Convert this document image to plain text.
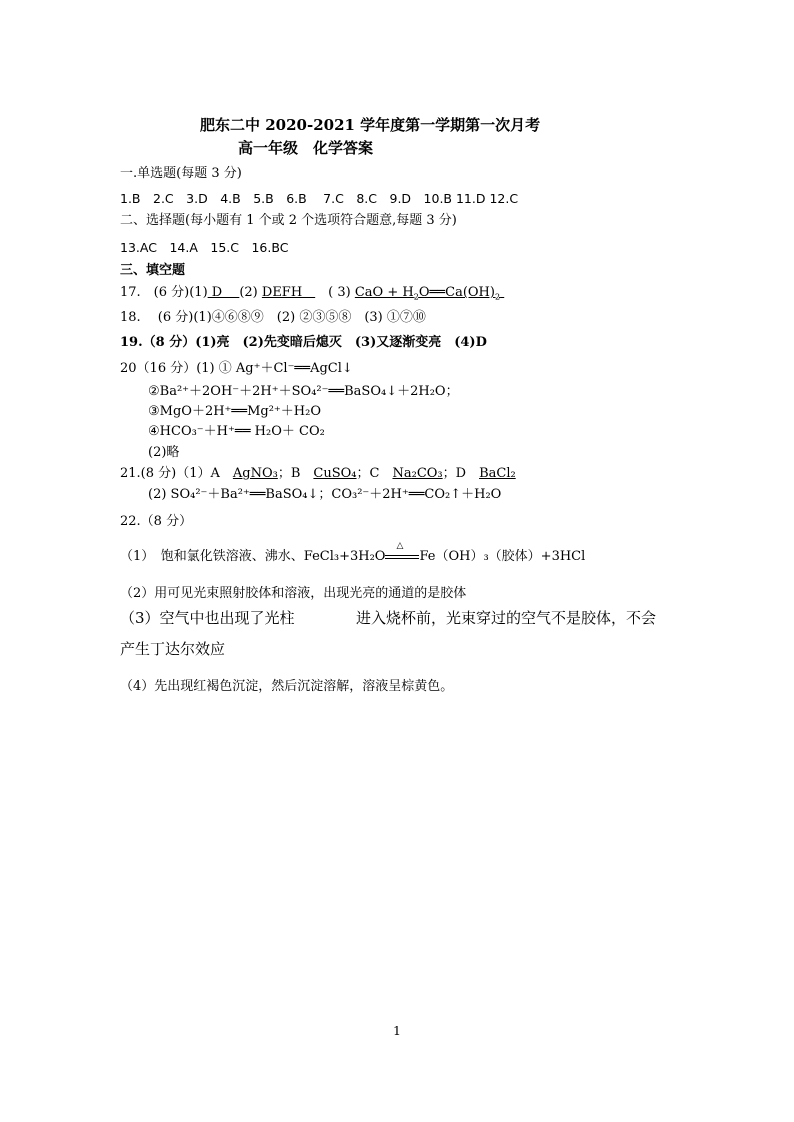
肥东二中 2020-2021 学年度第一学期第一次月考
高一年级　化学答案
一.单选题(每题 3 分)
1.B　2.C　3.D　4.B　5.B　6.B　 7.C　8.C　9.D　10.B 11.D 12.C
二、选择题(每小题有 1 个或 2 个选项符合题意,每题 3 分)
13.AC　14.A　15.C　16.BC
三、填空题
17.　(6 分)(1) D　 (2) DEFH　　( 3) CaO + $H_2O══Ca(OH)_2$
18.　 (6 分)(1)④⑥⑧⑨　(2) ②③⑤⑧　(3) ①⑦⑩
19.（8 分）(1)亮　(2)先变暗后熄灭　(3)又逐渐变亮　(4)D
20（16 分）(1) ① Ag⁺＋Cl⁻══AgCl↓
②Ba²⁺＋2OH⁻＋2H⁺＋SO₄²⁻══BaSO₄↓＋2H₂O；
③MgO＋2H⁺══Mg²⁺＋H₂O
④HCO₃⁻＋H⁺══ H₂O＋ CO₂
(2)略
21.(8 分)（1）A　AgNO₃；B　CuSO₄；C　Na₂CO₃；D　BaCl₂
(2) SO₄²⁻＋Ba²⁺══BaSO₄↓；CO₃²⁻＋2H⁺══CO₂↑＋H₂O
22.（8 分）
（1）　饱和氯化铁溶液、沸水、FeCl₃+3H₂O
△
Fe（OH）₃（胶体）+3HCl
（2）用可见光束照射胶体和溶液，出现光亮的通道的是胶体
（3）空气中也出现了光柱	进入烧杯前，光束穿过的空气不是胶体，不会
产生丁达尔效应
（4）先出现红褐色沉淀，然后沉淀溶解，溶液呈棕黄色。
1
